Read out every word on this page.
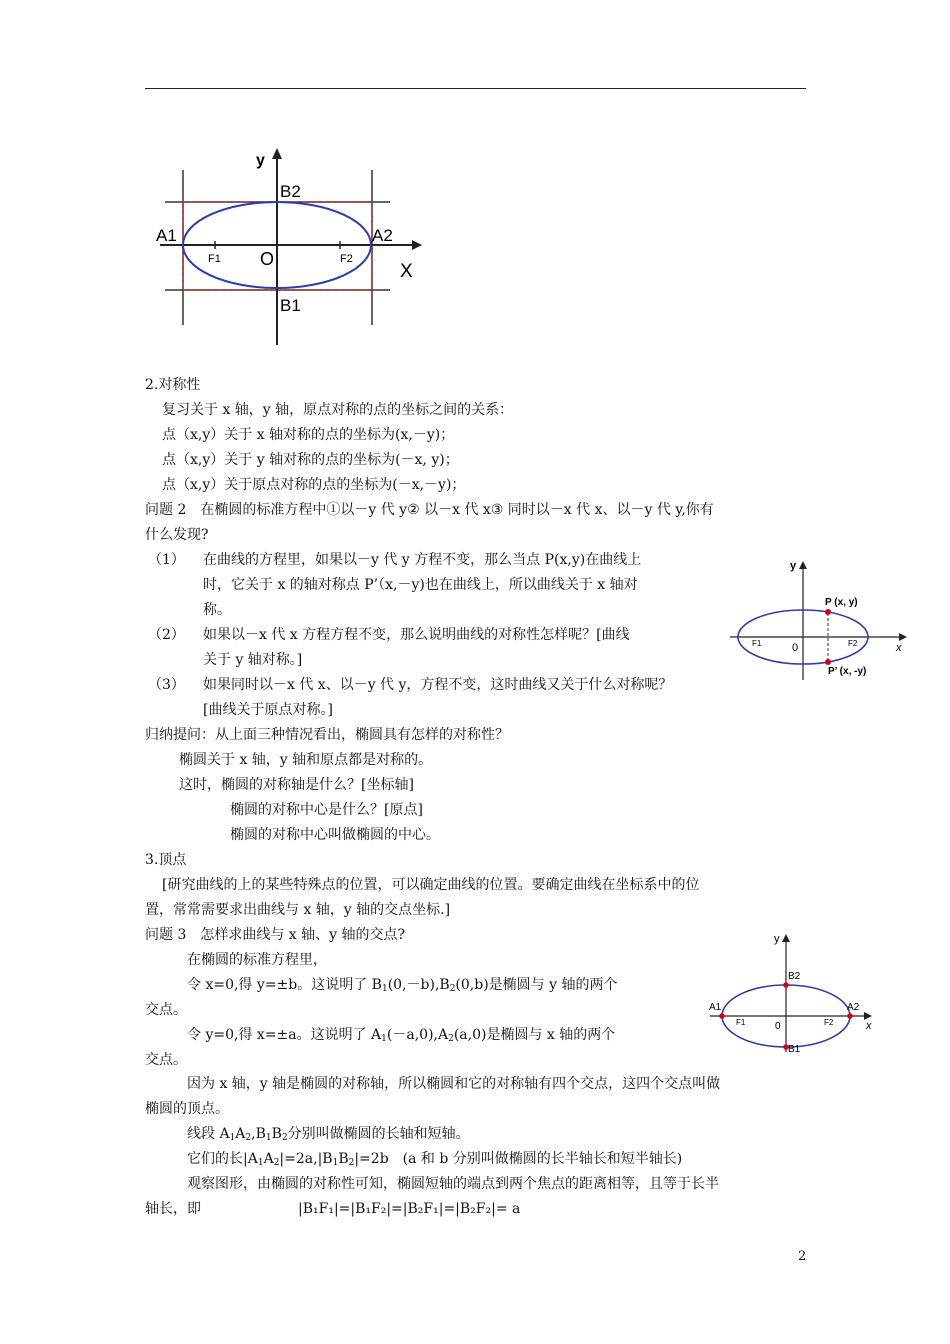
y
B2
B1
A1	A2
F1	F2
O
X
2.对称性
复习关于 x 轴，y 轴，原点对称的点的坐标之间的关系：
点（x,y）关于 x 轴对称的点的坐标为(x,－y)；
点（x,y）关于 y 轴对称的点的坐标为(－x, y)；
点（x,y）关于原点对称的点的坐标为(－x,－y)；
问题 2　在椭圆的标准方程中①以－y 代 y② 以－x 代 x③ 同时以－x 代 x、以－y 代 y,你有
什么发现?
（1） 在曲线的方程里，如果以－y 代 y 方程不变，那么当点 P(x,y)在曲线上
时，它关于 x 的轴对称点 P’（x,－y)也在曲线上，所以曲线关于 x 轴对
称。
（2） 如果以－x 代 x 方程方程不变，那么说明曲线的对称性怎样呢？[曲线
关于 y 轴对称。]
（3） 如果同时以－x 代 x、以－y 代 y，方程不变，这时曲线又关于什么对称呢？
[曲线关于原点对称。]
y
x
P (x, y)
P’ (x, -y)
F1	F2
0
归纳提问：从上面三种情况看出，椭圆具有怎样的对称性？
椭圆关于 x 轴，y 轴和原点都是对称的。
这时，椭圆的对称轴是什么？[坐标轴]
椭圆的对称中心是什么？[原点]
椭圆的对称中心叫做椭圆的中心。
3.顶点
[研究曲线的上的某些特殊点的位置，可以确定曲线的位置。要确定曲线在坐标系中的位
置，常常需要求出曲线与 x 轴，y 轴的交点坐标.]
问题 3　怎样求曲线与 x 轴、y 轴的交点?
在椭圆的标准方程里，
令 x=0,得 y=±b。这说明了 $B_1(0,-b),B_2(0,b)$是椭圆与 y 轴的两个
交点。
令 y=0,得 x=±a。这说明了 $A_1(-a,0),A_2(a,0)$是椭圆与 x 轴的两个
交点。
y
x
A1	A2
B2
B1
F1	F2
0
因为 x 轴，y 轴是椭圆的对称轴，所以椭圆和它的对称轴有四个交点，这四个交点叫做
椭圆的顶点。
线段 $A_1A_2,B_1B_2$分别叫做椭圆的长轴和短轴。
它们的长$|A_1A_2|=2a,|B_1B_2|=2b$　(a 和 b 分别叫做椭圆的长半轴长和短半轴长)
观察图形，由椭圆的对称性可知，椭圆短轴的端点到两个焦点的距离相等，且等于长半
轴长，即	|B₁F₁|=|B₁F₂|=|B₂F₁|=|B₂F₂|= a
2
